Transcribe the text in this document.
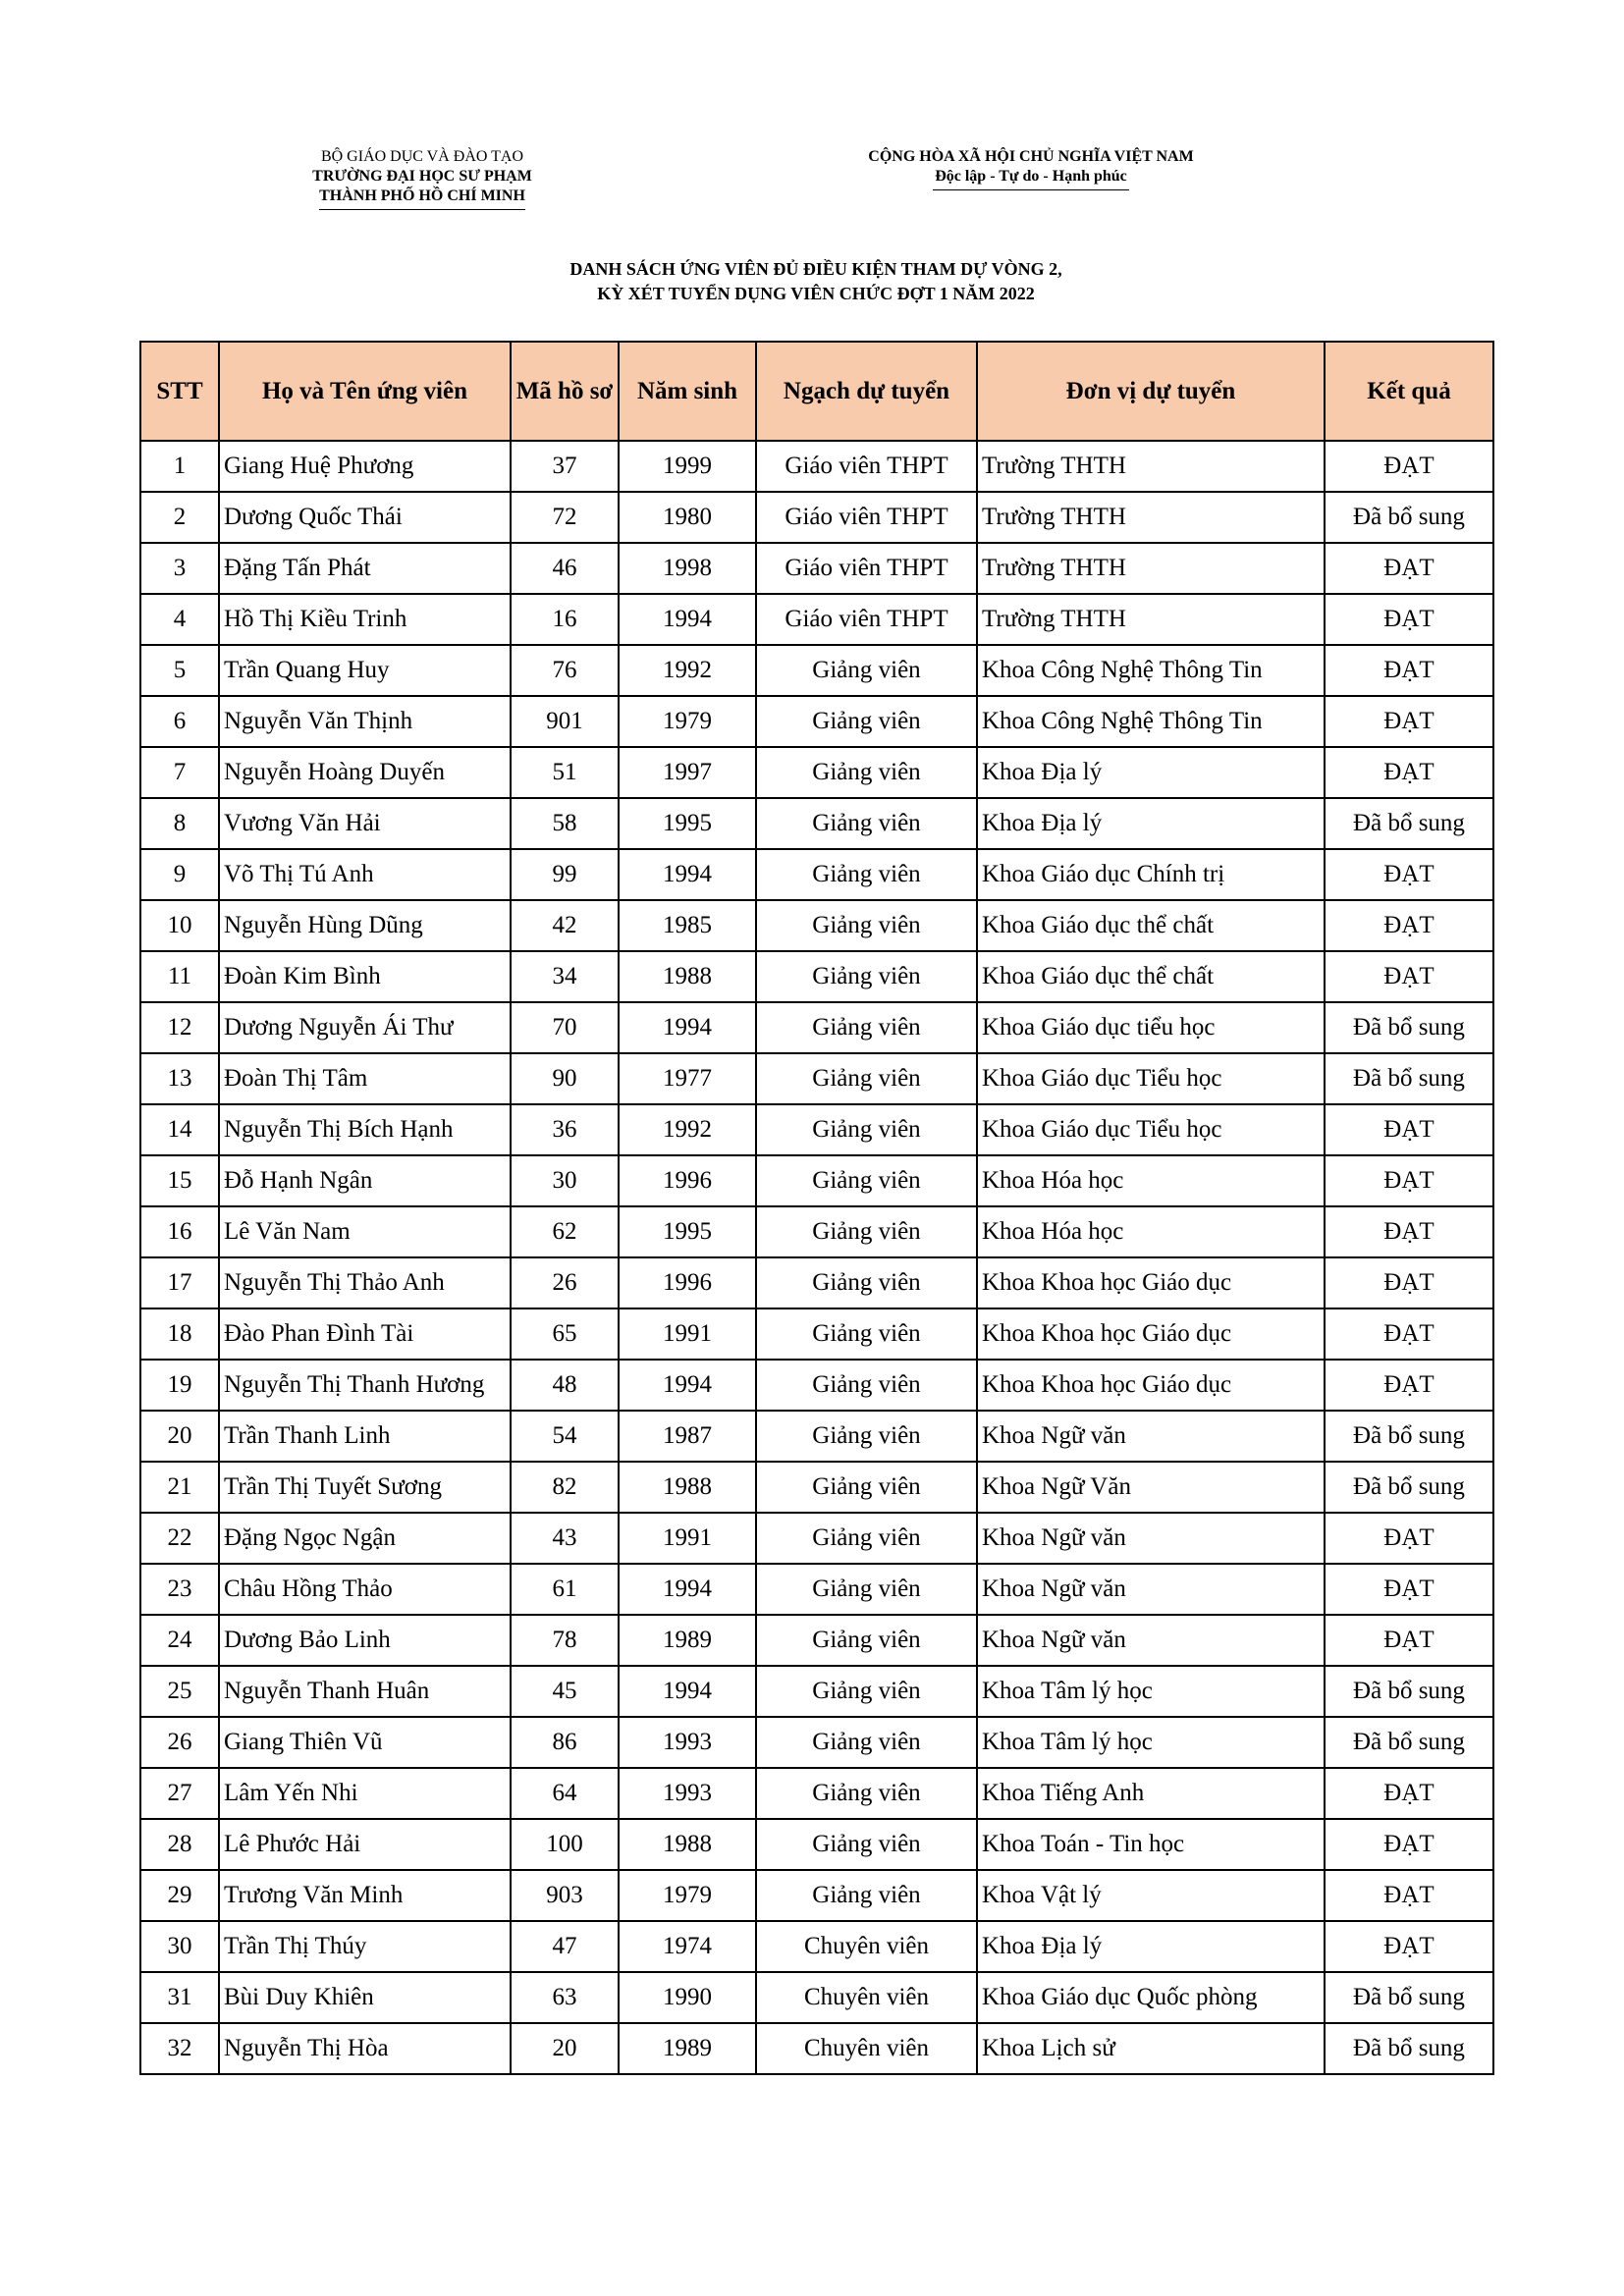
BỘ GIÁO DỤC VÀ ĐÀO TẠO
TRƯỜNG ĐẠI HỌC SƯ PHẠM
THÀNH PHỐ HỒ CHÍ MINH
CỘNG HÒA XÃ HỘI CHỦ NGHĨA VIỆT NAM
Độc lập - Tự do - Hạnh phúc
DANH SÁCH ỨNG VIÊN ĐỦ ĐIỀU KIỆN THAM DỰ VÒNG 2,
KỲ XÉT TUYỂN DỤNG VIÊN CHỨC ĐỢT 1 NĂM 2022
STT	Họ và Tên ứng viên	Mã hồ sơ	Năm sinh	Ngạch dự tuyển	Đơn vị dự tuyển	Kết quả
1	Giang Huệ Phương	37	1999	Giáo viên THPT	Trường THTH	ĐẠT
2	Dương Quốc Thái	72	1980	Giáo viên THPT	Trường THTH	Đã bổ sung
3	Đặng Tấn Phát	46	1998	Giáo viên THPT	Trường THTH	ĐẠT
4	Hồ Thị Kiều Trinh	16	1994	Giáo viên THPT	Trường THTH	ĐẠT
5	Trần Quang Huy	76	1992	Giảng viên	Khoa Công Nghệ Thông Tin	ĐẠT
6	Nguyễn Văn Thịnh	901	1979	Giảng viên	Khoa Công Nghệ Thông Tin	ĐẠT
7	Nguyễn Hoàng Duyến	51	1997	Giảng viên	Khoa Địa lý	ĐẠT
8	Vương Văn Hải	58	1995	Giảng viên	Khoa Địa lý	Đã bổ sung
9	Võ Thị Tú Anh	99	1994	Giảng viên	Khoa Giáo dục Chính trị	ĐẠT
10	Nguyễn Hùng Dũng	42	1985	Giảng viên	Khoa Giáo dục thể chất	ĐẠT
11	Đoàn Kim Bình	34	1988	Giảng viên	Khoa Giáo dục thể chất	ĐẠT
12	Dương Nguyễn Ái Thư	70	1994	Giảng viên	Khoa Giáo dục tiểu học	Đã bổ sung
13	Đoàn Thị Tâm	90	1977	Giảng viên	Khoa Giáo dục Tiểu học	Đã bổ sung
14	Nguyễn Thị Bích Hạnh	36	1992	Giảng viên	Khoa Giáo dục Tiểu học	ĐẠT
15	Đỗ Hạnh Ngân	30	1996	Giảng viên	Khoa Hóa học	ĐẠT
16	Lê Văn Nam	62	1995	Giảng viên	Khoa Hóa học	ĐẠT
17	Nguyễn Thị Thảo Anh	26	1996	Giảng viên	Khoa Khoa học Giáo dục	ĐẠT
18	Đào Phan Đình Tài	65	1991	Giảng viên	Khoa Khoa học Giáo dục	ĐẠT
19	Nguyễn Thị Thanh Hương	48	1994	Giảng viên	Khoa Khoa học Giáo dục	ĐẠT
20	Trần Thanh Linh	54	1987	Giảng viên	Khoa Ngữ văn	Đã bổ sung
21	Trần Thị Tuyết Sương	82	1988	Giảng viên	Khoa Ngữ Văn	Đã bổ sung
22	Đặng Ngọc Ngận	43	1991	Giảng viên	Khoa Ngữ văn	ĐẠT
23	Châu Hồng Thảo	61	1994	Giảng viên	Khoa Ngữ văn	ĐẠT
24	Dương Bảo Linh	78	1989	Giảng viên	Khoa Ngữ văn	ĐẠT
25	Nguyễn Thanh Huân	45	1994	Giảng viên	Khoa Tâm lý học	Đã bổ sung
26	Giang Thiên Vũ	86	1993	Giảng viên	Khoa Tâm lý học	Đã bổ sung
27	Lâm Yến Nhi	64	1993	Giảng viên	Khoa Tiếng Anh	ĐẠT
28	Lê Phước Hải	100	1988	Giảng viên	Khoa Toán - Tin học	ĐẠT
29	Trương Văn Minh	903	1979	Giảng viên	Khoa Vật lý	ĐẠT
30	Trần Thị Thúy	47	1974	Chuyên viên	Khoa Địa lý	ĐẠT
31	Bùi Duy Khiên	63	1990	Chuyên viên	Khoa Giáo dục Quốc phòng	Đã bổ sung
32	Nguyễn Thị Hòa	20	1989	Chuyên viên	Khoa Lịch sử	Đã bổ sung
